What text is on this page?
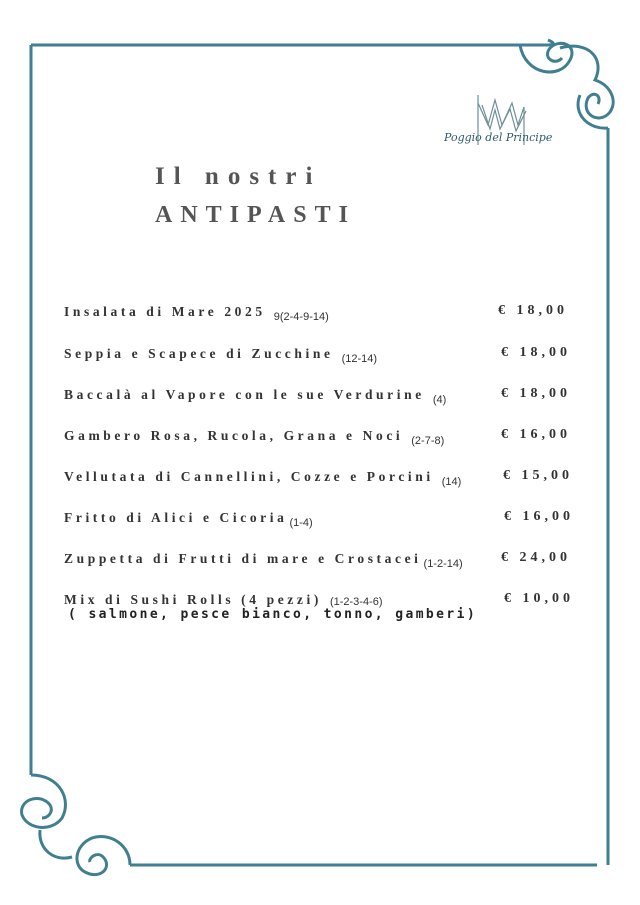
Poggio del Principe
Il nostri
ANTIPASTI
Insalata di Mare 2025 $_{9(2-4-9-14)}$	€ 18,00
Seppia e Scapece di Zucchine $_{(12-14)}$	€ 18,00
Baccalà al Vapore con le sue Verdurine $_{(4)}$	€ 18,00
Gambero Rosa, Rucola, Grana e Noci $_{(2-7-8)}$	€ 16,00
Vellutata di Cannellini, Cozze e Porcini $_{(14)}$	€ 15,00
Fritto di Alici e Cicoria $_{(1-4)}$	€ 16,00
Zuppetta di Frutti di mare e Crostacei $_{(1-2-14)}$	€ 24,00
Mix di Sushi Rolls (4 pezzi) (1-2-3-4-6)	€ 10,00
( salmone, pesce bianco, tonno, gamberi)
